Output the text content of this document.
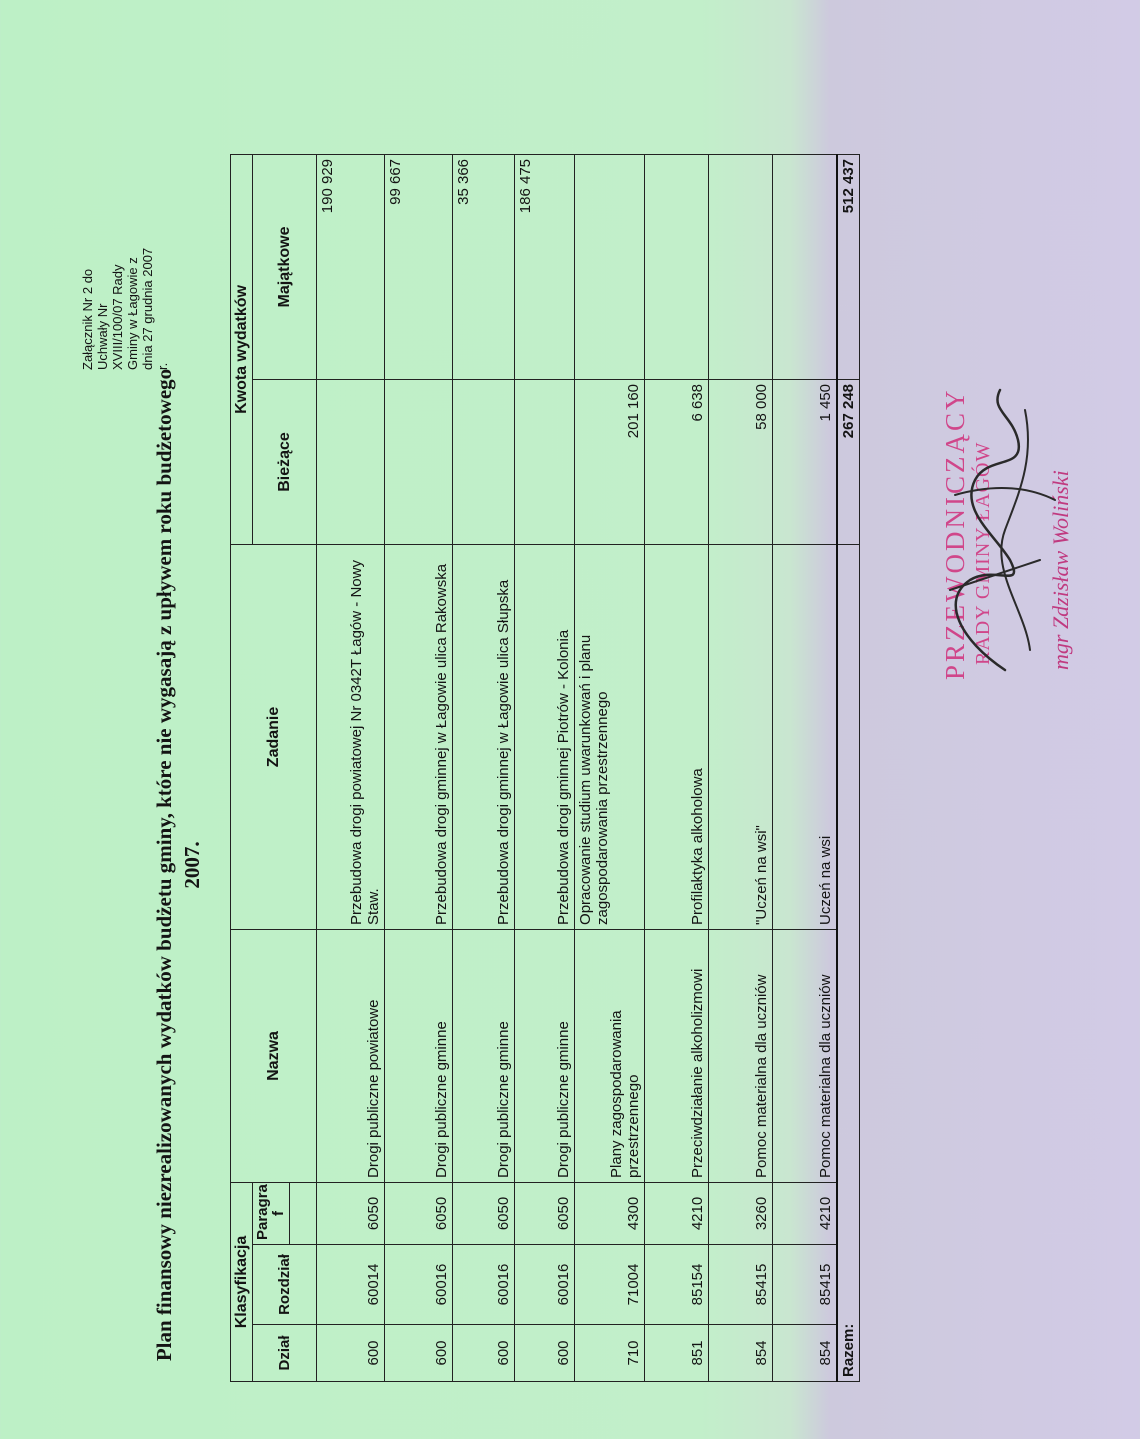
Plan finansowy niezrealizowanych wydatków budżetu gminy, które nie wygasają z upływem roku budżetowego 2007.
Załącznik Nr 2 do Uchwały Nr XVIII/100/07 Rady Gminy w Łagowie z dnia 27 grudnia 2007 r.
Klasyfikacja			Nazwa	Zadanie	Kwota wydatków	
Dział	Rozdział	Paragra f			Bieżące	Majątkowe

600	60014	6050	Drogi publiczne powiatowe	Przebudowa drogi powiatowej Nr 0342T Łagów - Nowy Staw.		190 929
600	60016	6050	Drogi publiczne gminne	Przebudowa drogi gminnej w Łagowie ulica Rakowska		99 667
600	60016	6050	Drogi publiczne gminne	Przebudowa drogi gminnej w Łagowie ulica Słupska		35 366
600	60016	6050	Drogi publiczne gminne	Przebudowa drogi gminnej Piotrów - Kolonia		186 475
710	71004	4300	Plany zagospodarowania przestrzennego	Opracowanie studium uwarunkowań i planu zagospodarowania przestrzennego	201 160	
851	85154	4210	Przeciwdziałanie alkoholizmowi	Profilaktyka alkoholowa	6 638	
854	85415	3260	Pomoc materialna dla uczniów	"Uczeń na wsi"	58 000	
854	85415	4210	Pomoc materialna dla uczniów	Uczeń na wsi	1 450	
Razem:					267 248	512 437
PRZEWODNICZĄCY RADY GMINY ŁAGÓW mgr Zdzisław Woliński
